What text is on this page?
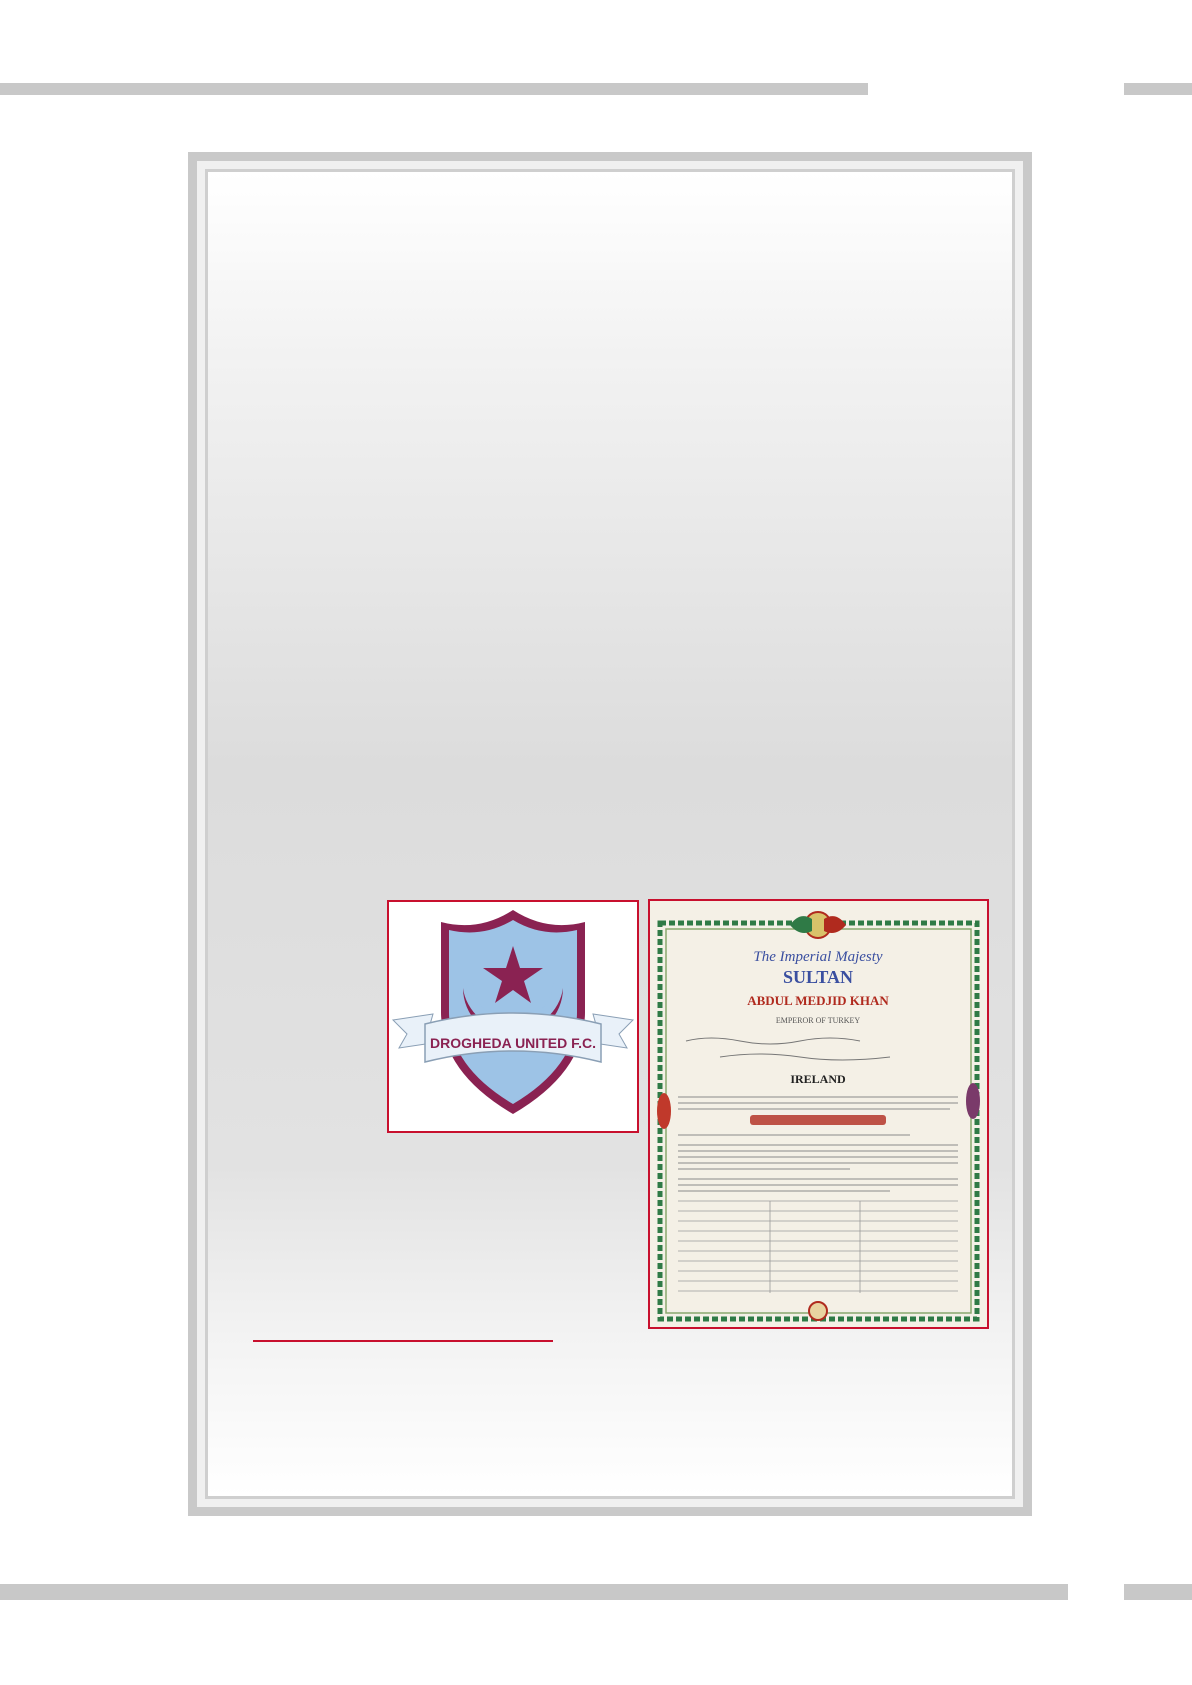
DROGHEDA UNITED F.C.
The Imperial Majesty
SULTAN
ABDUL MEDJID KHAN
EMPEROR OF TURKEY
IRELAND
